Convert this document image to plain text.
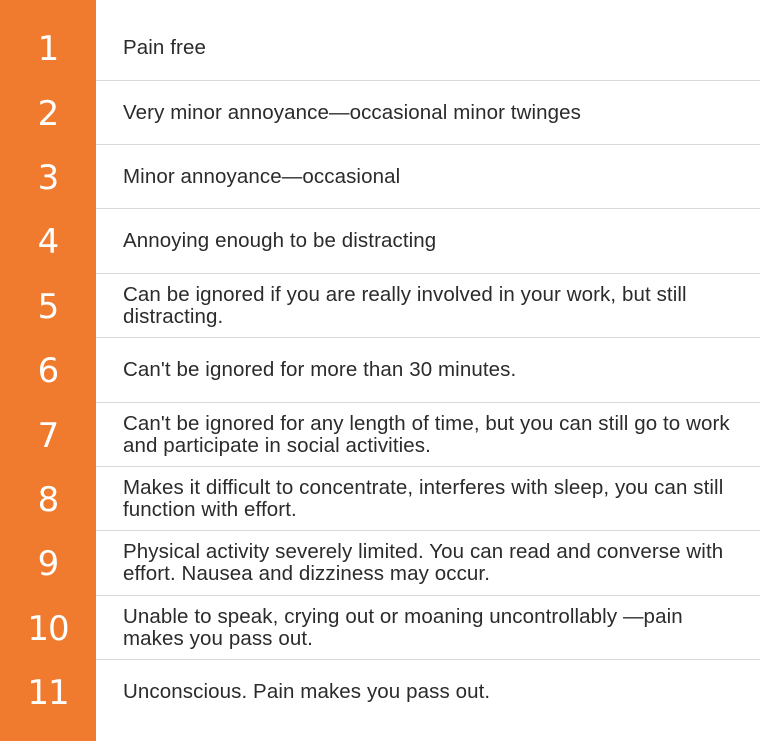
1	Pain free
2	Very minor annoyance—occasional minor twinges
3	Minor annoyance—occasional
4	Annoying enough to be distracting
5	Can be ignored if you are really involved in your work, but still distracting.
6	Can't be ignored for more than 30 minutes.
7	Can't be ignored for any length of time, but you can still go to work and participate in social activities.
8	Makes it difficult to concentrate, interferes with sleep, you can still function with effort.
9	Physical activity severely limited. You can read and converse with effort. Nausea and dizziness may occur.
10	Unable to speak, crying out or moaning uncontrollably —pain makes you pass out.
11	Unconscious. Pain makes you pass out.
